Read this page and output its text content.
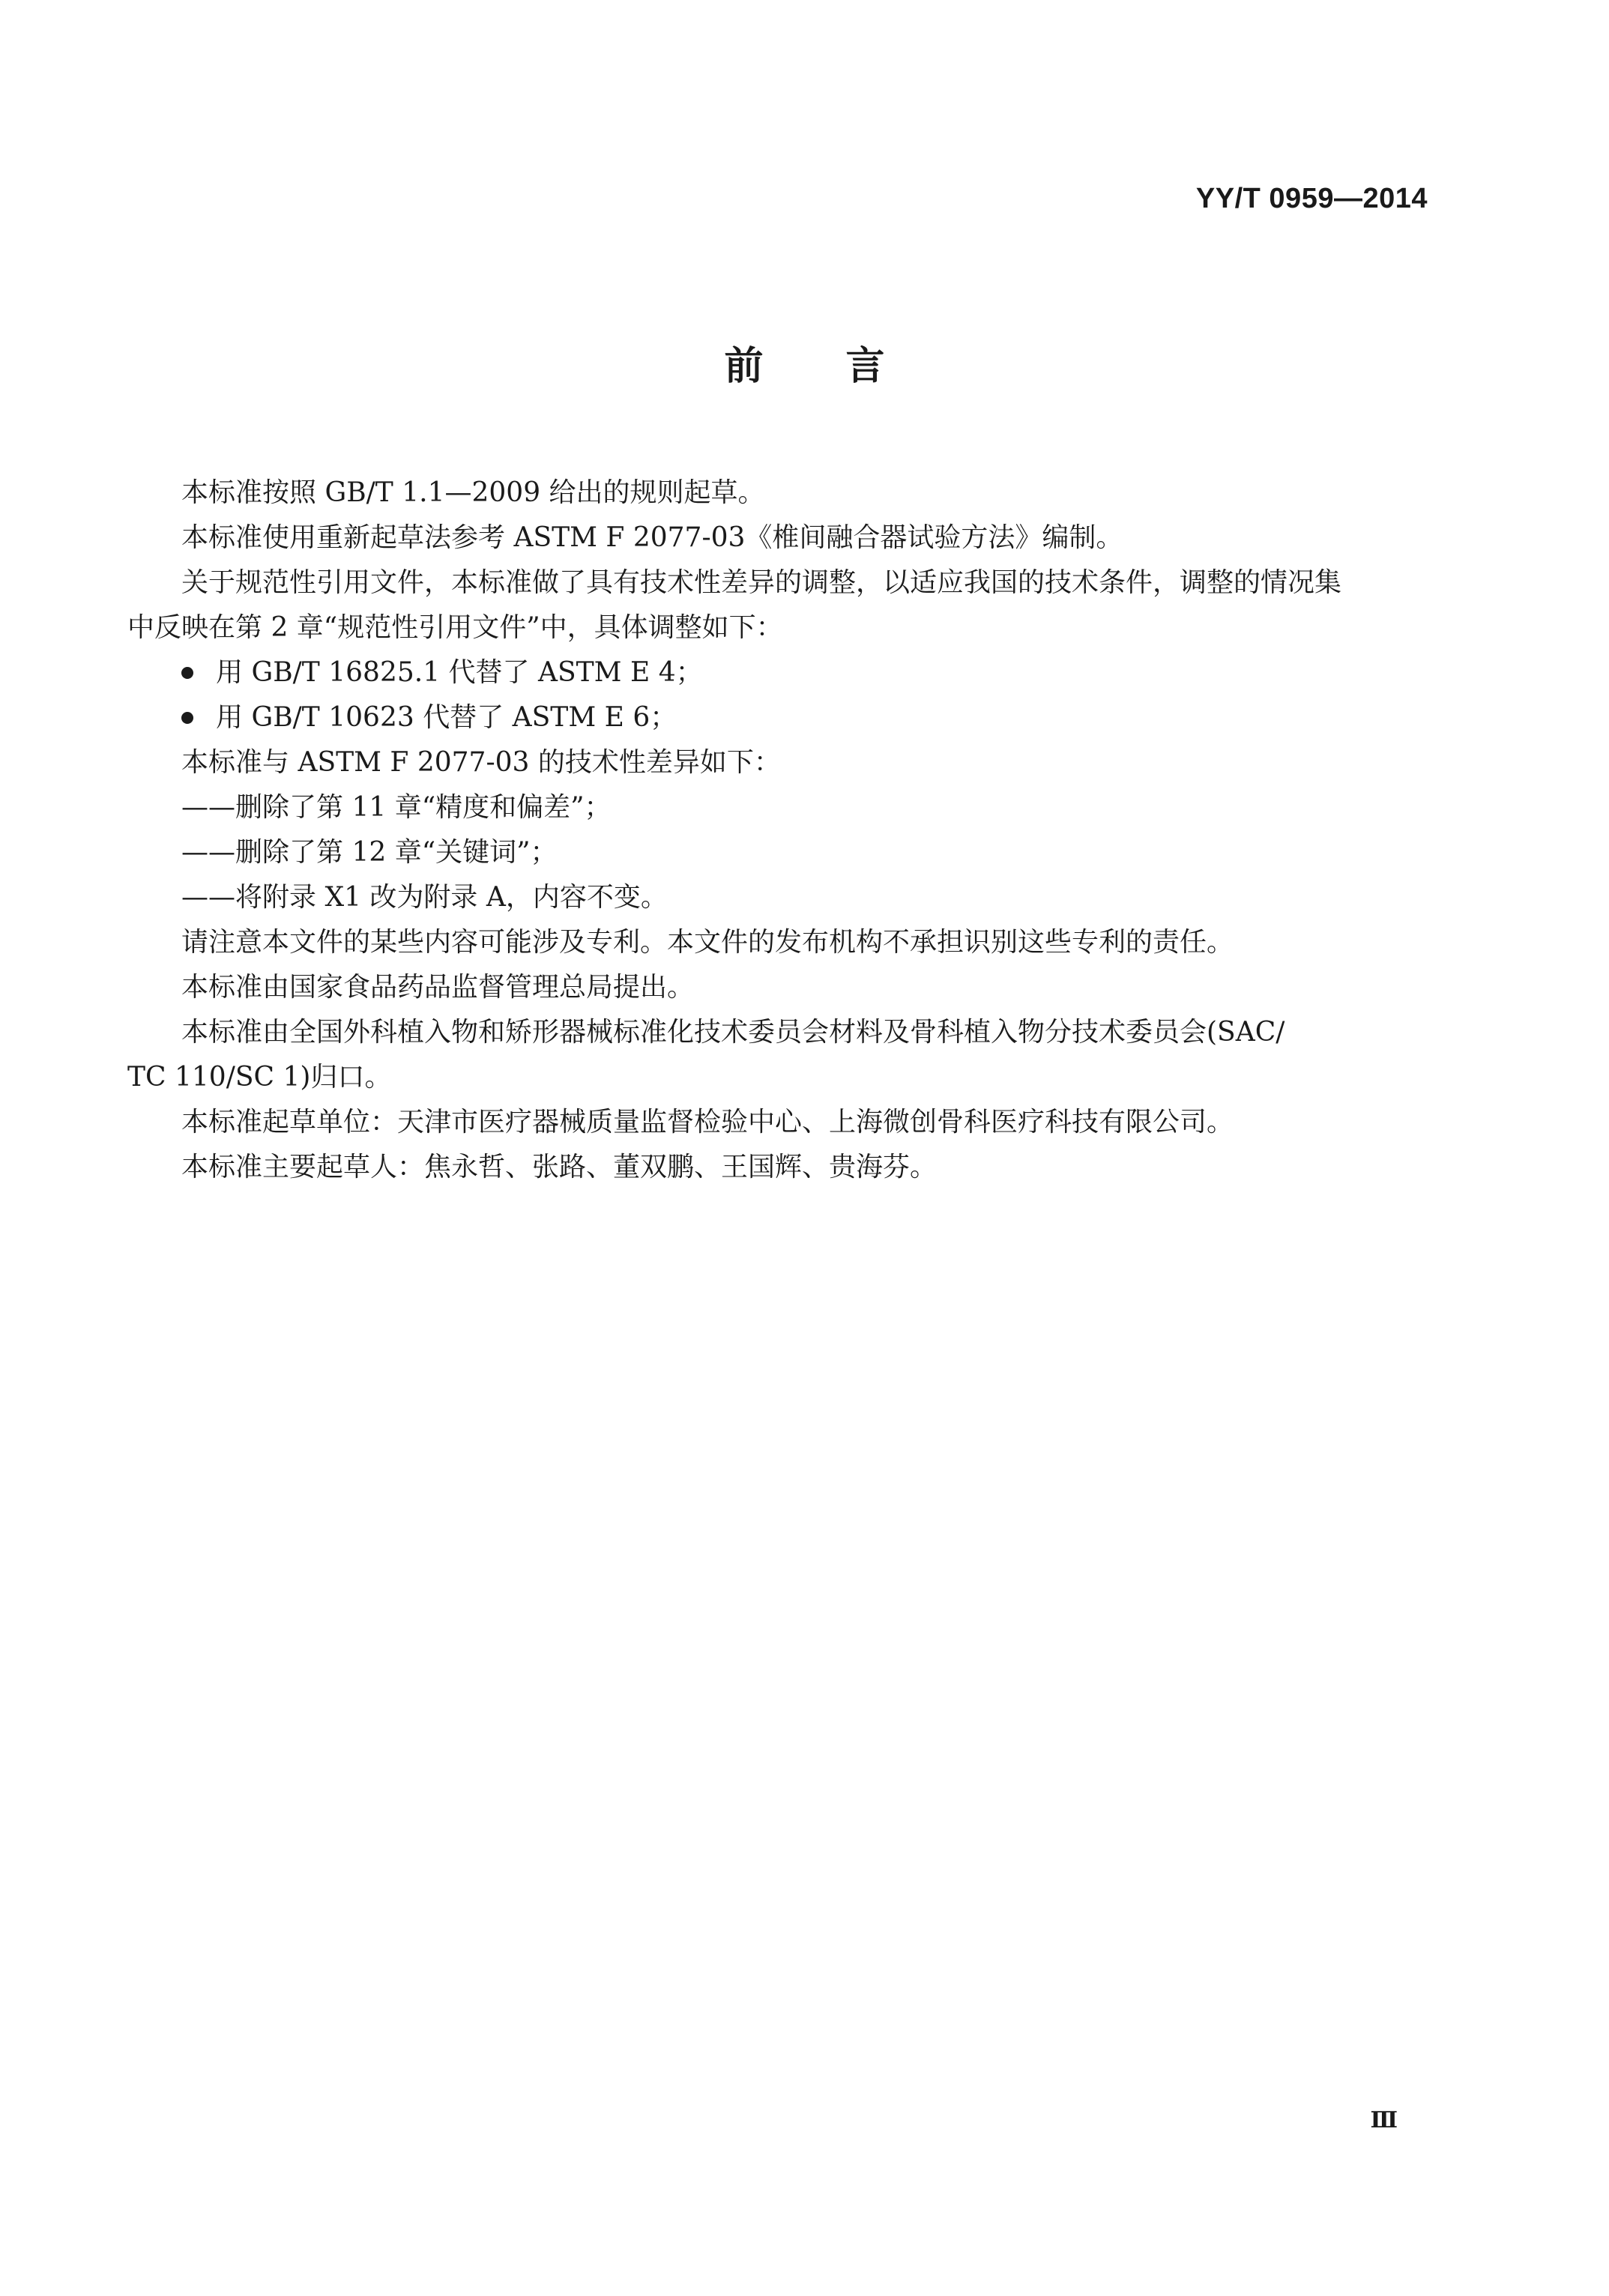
YY/T 0959—2014
前言

本标准按照 GB/T 1.1—2009 给出的规则起草。

本标准使用重新起草法参考 ASTM F 2077-03《椎间融合器试验方法》编制。

关于规范性引用文件，本标准做了具有技术性差异的调整，以适应我国的技术条件，调整的情况集

中反映在第 2 章“规范性引用文件”中，具体调整如下：

用 GB/T 16825.1 代替了 ASTM E 4；
用 GB/T 10623 代替了 ASTM E 6；

本标准与 ASTM F 2077-03 的技术性差异如下：

——删除了第 11 章“精度和偏差”；

——删除了第 12 章“关键词”；

——将附录 X1 改为附录 A，内容不变。

请注意本文件的某些内容可能涉及专利。本文件的发布机构不承担识别这些专利的责任。

本标准由国家食品药品监督管理总局提出。

本标准由全国外科植入物和矫形器械标准化技术委员会材料及骨科植入物分技术委员会(SAC/

TC 110/SC 1)归口。

本标准起草单位：天津市医疗器械质量监督检验中心、上海微创骨科医疗科技有限公司。

本标准主要起草人：焦永哲、张路、董双鹏、王国辉、贵海芬。

Ⅲ
